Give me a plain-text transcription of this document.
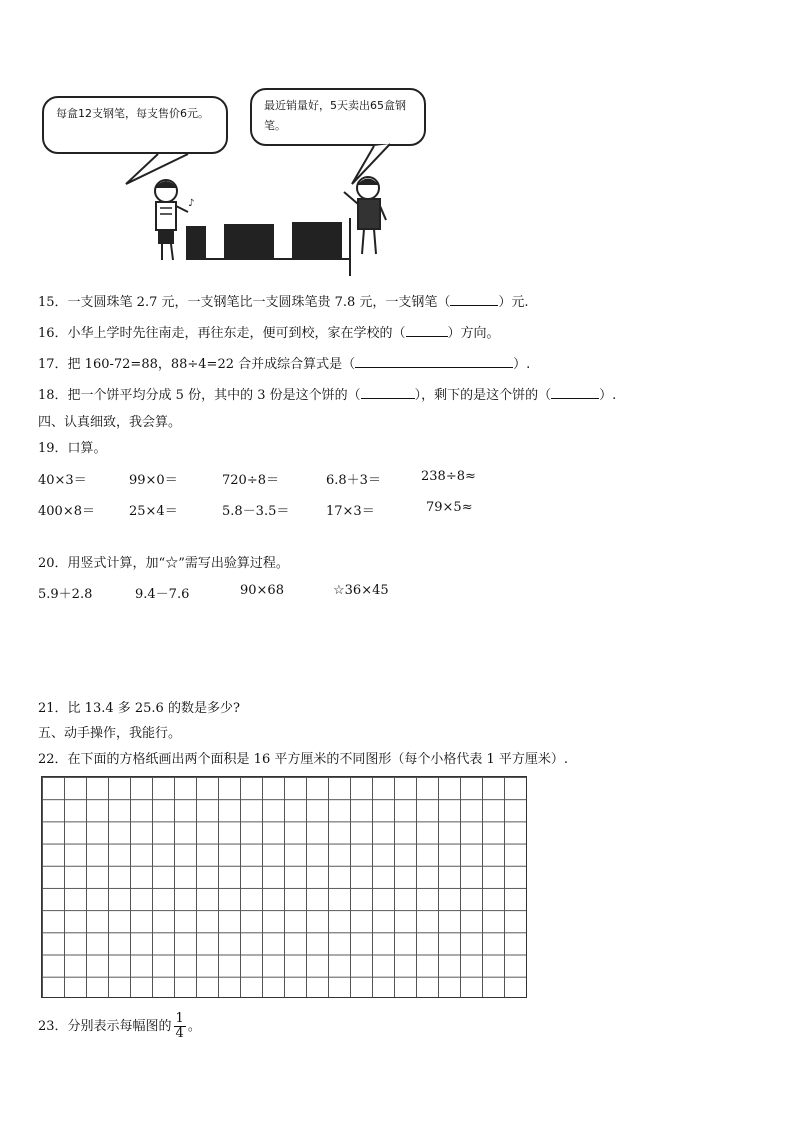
每盒12支钢笔，每支售价6元。
最近销量好，5天卖出65盒钢笔。
♪
15．一支圆珠笔 2.7 元，一支钢笔比一支圆珠笔贵 7.8 元，一支钢笔（	）元.
16．小华上学时先往南走，再往东走，便可到校，家在学校的（	）方向。
17．把 160-72=88，88÷4=22 合并成综合算式是（	）.
18．把一个饼平均分成 5 份，其中的 3 份是这个饼的（	），剩下的是这个饼的（	）.
四、认真细致，我会算。
19．口算。
40×3＝	99×0＝	720÷8＝	6.8＋3＝	238÷8≈
400×8＝	25×4＝	5.8－3.5＝	17×3＝	79×5≈
20．用竖式计算，加“☆”需写出验算过程。
5.9＋2.8	9.4－7.6	90×68	☆36×45
21．比 13.4 多 25.6 的数是多少?
五、动手操作，我能行。
22．在下面的方格纸画出两个面积是 16 平方厘米的不同图形（每个小格代表 1 平方厘米）.
23．分别表示每幅图的 $\frac{1}{4}$ 。
